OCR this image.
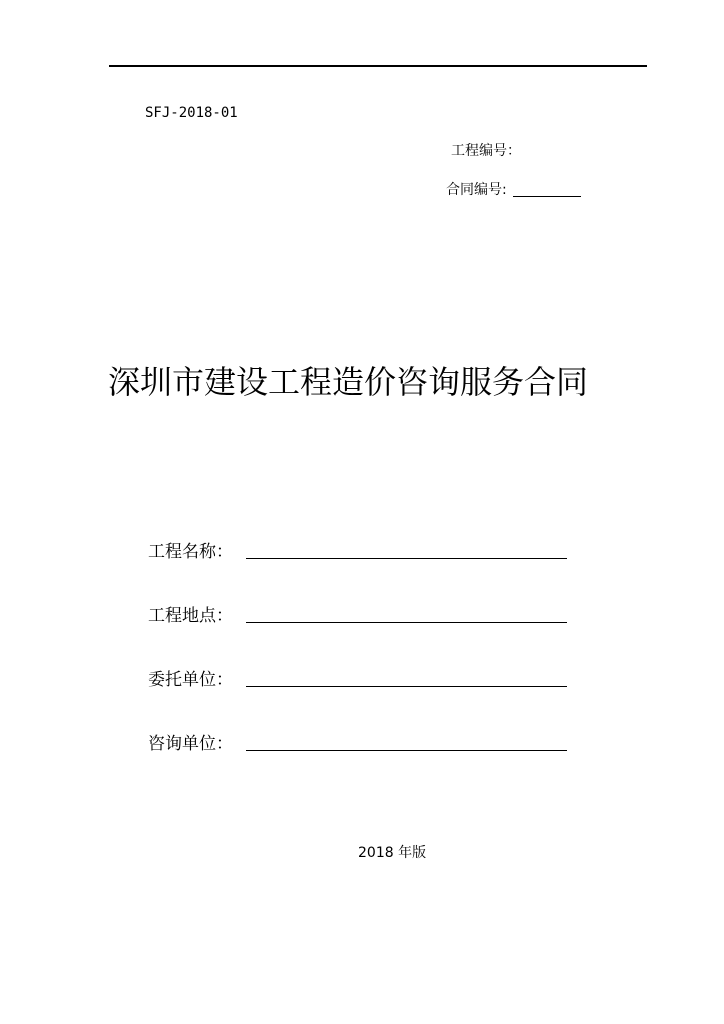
SFJ-2018-01
工程编号：
合同编号:
深圳市建设工程造价咨询服务合同
工程名称：
工程地点：
委托单位：
咨询单位：
2018 年版
